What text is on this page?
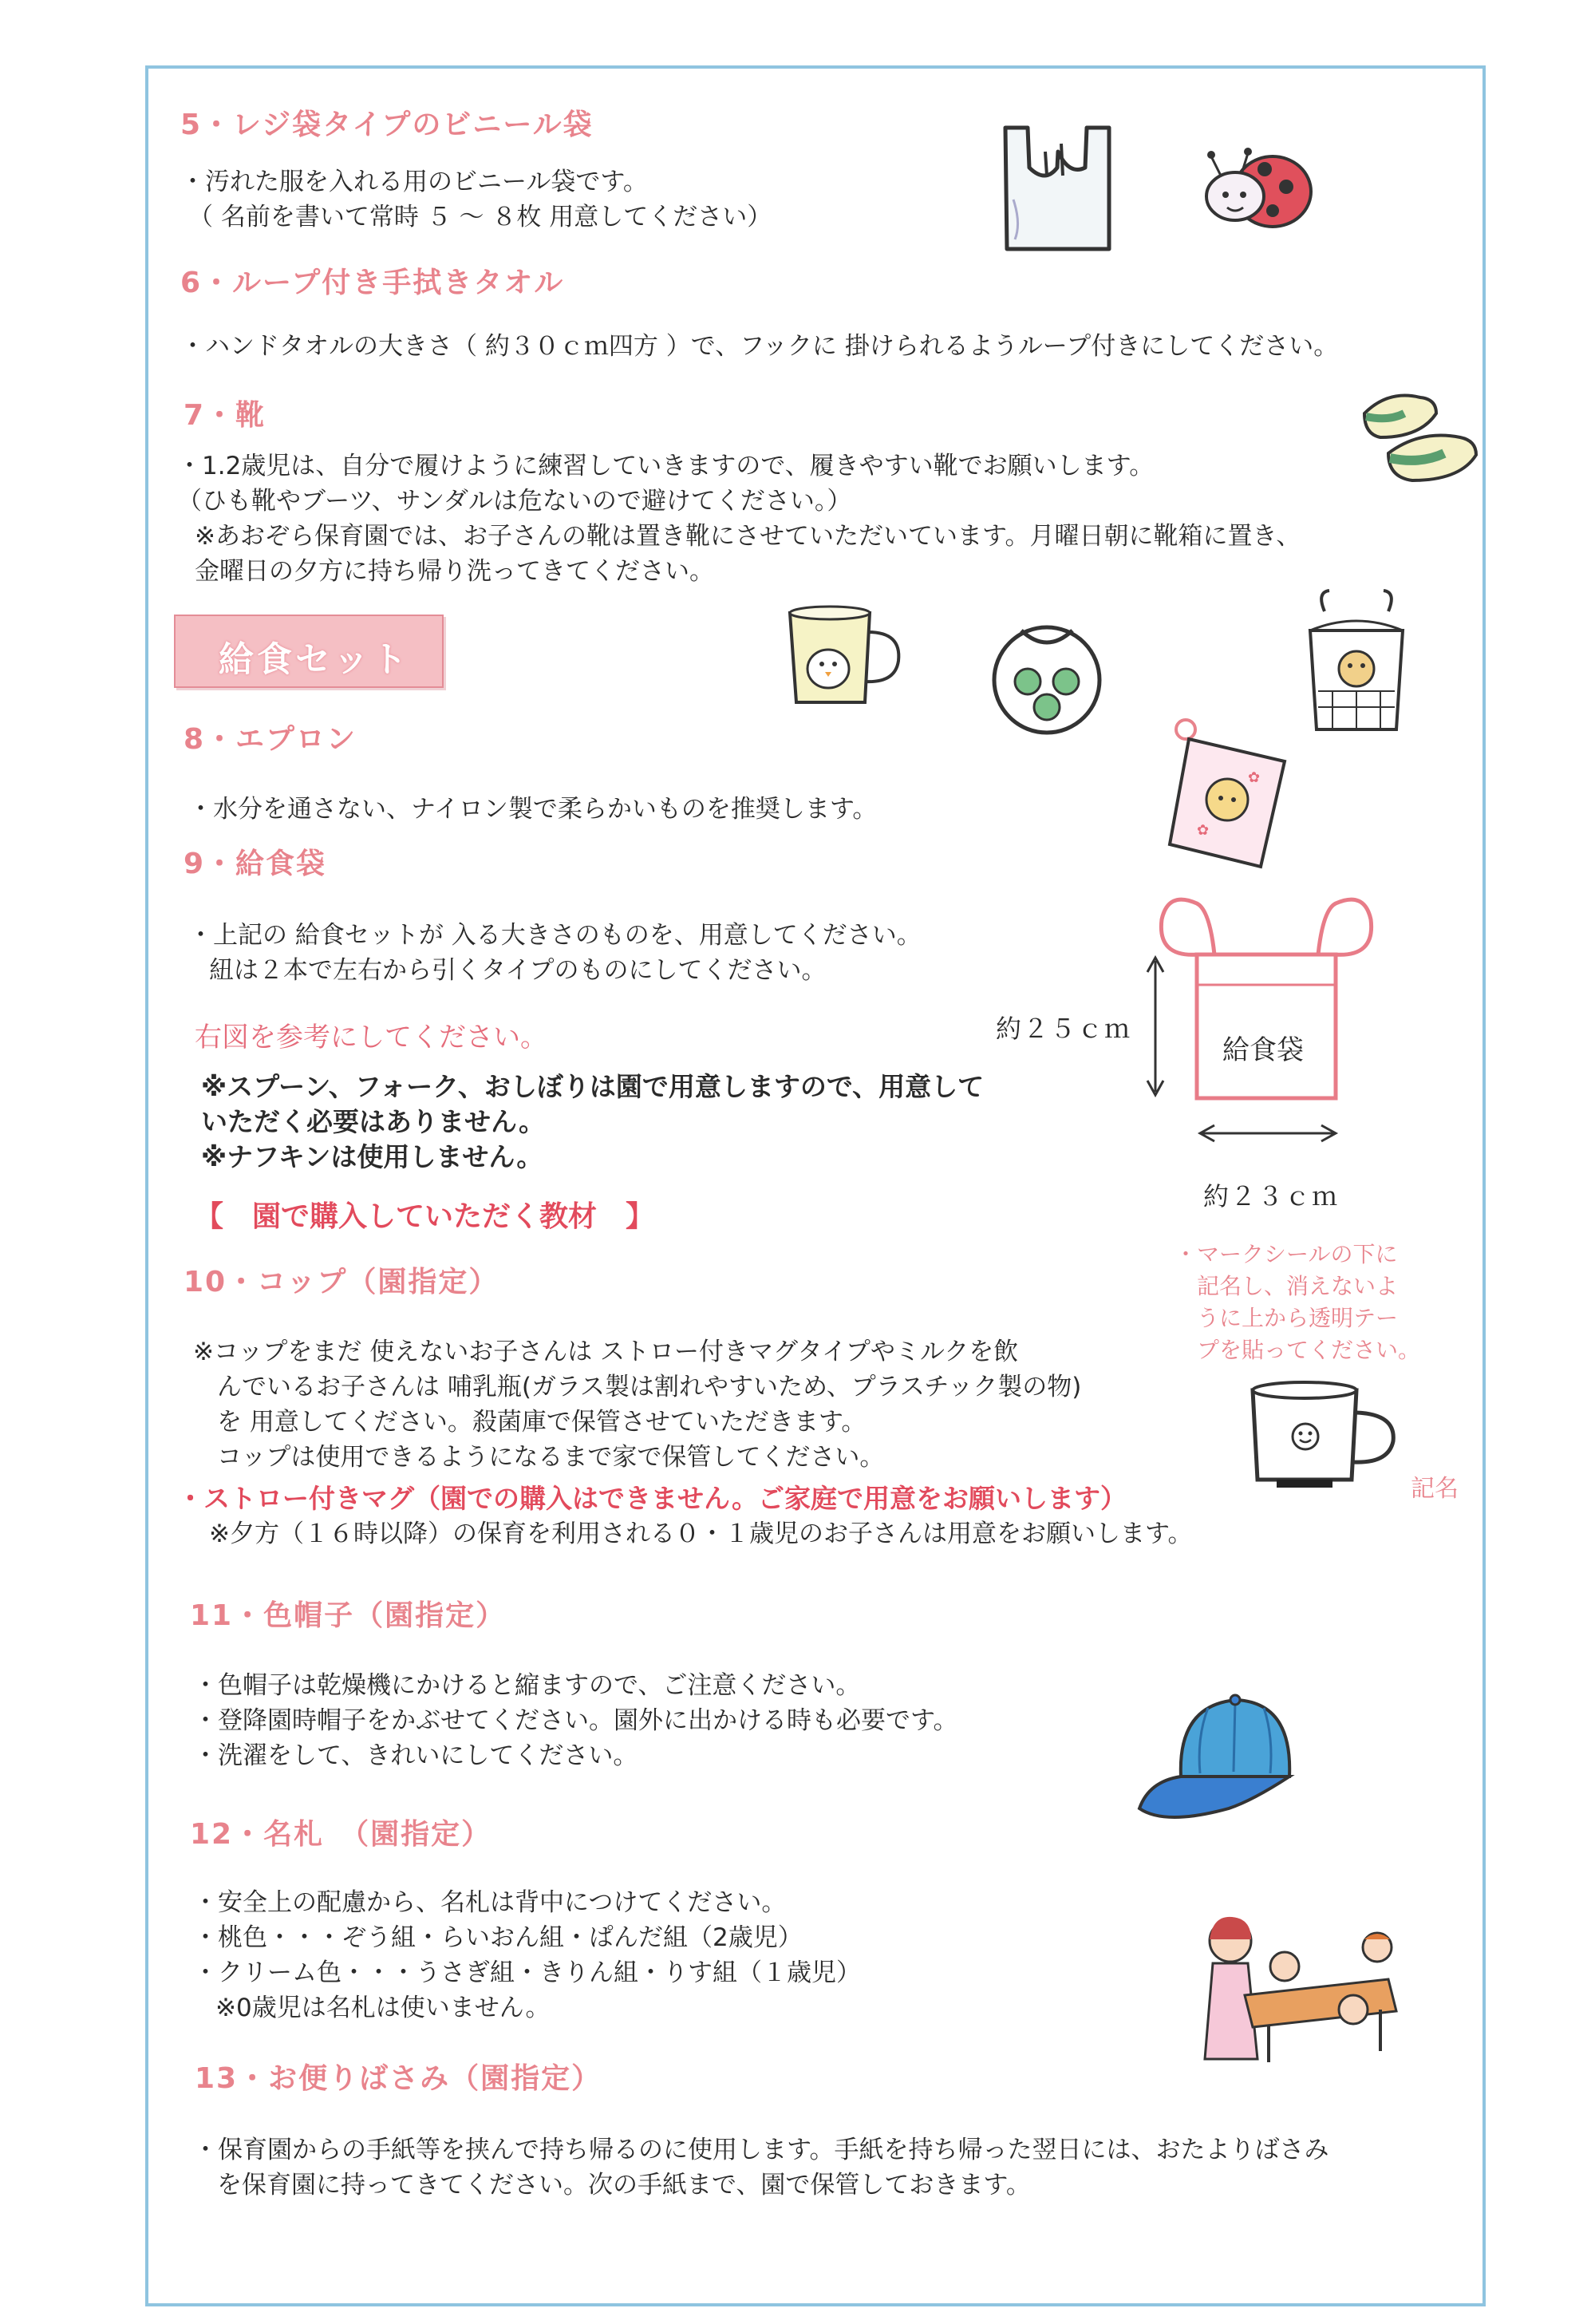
5・レジ袋タイプのビニール袋
・汚れた服を入れる用のビニール袋です。
（ 名前を書いて常時 ５ ～ ８枚 用意してください）
6・ループ付き手拭きタオル
・ハンドタオルの大きさ（ 約３０ｃｍ四方 ）で、フックに 掛けられるようループ付きにしてください。
7・靴
・1.2歳児は、自分で履けように練習していきますので、履きやすい靴でお願いします。
（ひも靴やブーツ、サンダルは危ないので避けてください。）
※あおぞら保育園では、お子さんの靴は置き靴にさせていただいています。月曜日朝に靴箱に置き、
金曜日の夕方に持ち帰り洗ってきてください。
給食セット
8・エプロン
・水分を通さない、ナイロン製で柔らかいものを推奨します。
✿
✿
9・給食袋
・上記の 給食セットが 入る大きさのものを、用意してください。
紐は２本で左右から引くタイプのものにしてください。
右図を参考にしてください。
※スプーン、フォーク、おしぼりは園で用意しますので、用意して
いただく必要はありません。
※ナフキンは使用しません。
給食袋
約２５ｃｍ
約２３ｃｍ
【　園で購入していただく教材　】
10・コップ（園指定）
※コップをまだ 使えないお子さんは ストロー付きマグタイプやミルクを飲
んでいるお子さんは 哺乳瓶(ガラス製は割れやすいため、プラスチック製の物)
を 用意してください。殺菌庫で保管させていただきます。
コップは使用できるようになるまで家で保管してください。
・ストロー付きマグ（園での購入はできません。ご家庭で用意をお願いします）
※夕方（１６時以降）の保育を利用される０・１歳児のお子さんは用意をお願いします。
・マークシールの下に
記名し、消えないよ
うに上から透明テー
プを貼ってください。
記名
11・色帽子（園指定）
・色帽子は乾燥機にかけると縮ますので、ご注意ください。
・登降園時帽子をかぶせてください。園外に出かける時も必要です。
・洗濯をして、きれいにしてください。
12・名札　（園指定）
・安全上の配慮から、名札は背中につけてください。
・桃色・・・ぞう組・らいおん組・ぱんだ組（2歳児）
・クリーム色・・・うさぎ組・きりん組・りす組（１歳児）
※0歳児は名札は使いません。
13・お便りばさみ（園指定）
・保育園からの手紙等を挟んで持ち帰るのに使用します。手紙を持ち帰った翌日には、おたよりばさみ
を保育園に持ってきてください。次の手紙まで、園で保管しておきます。
